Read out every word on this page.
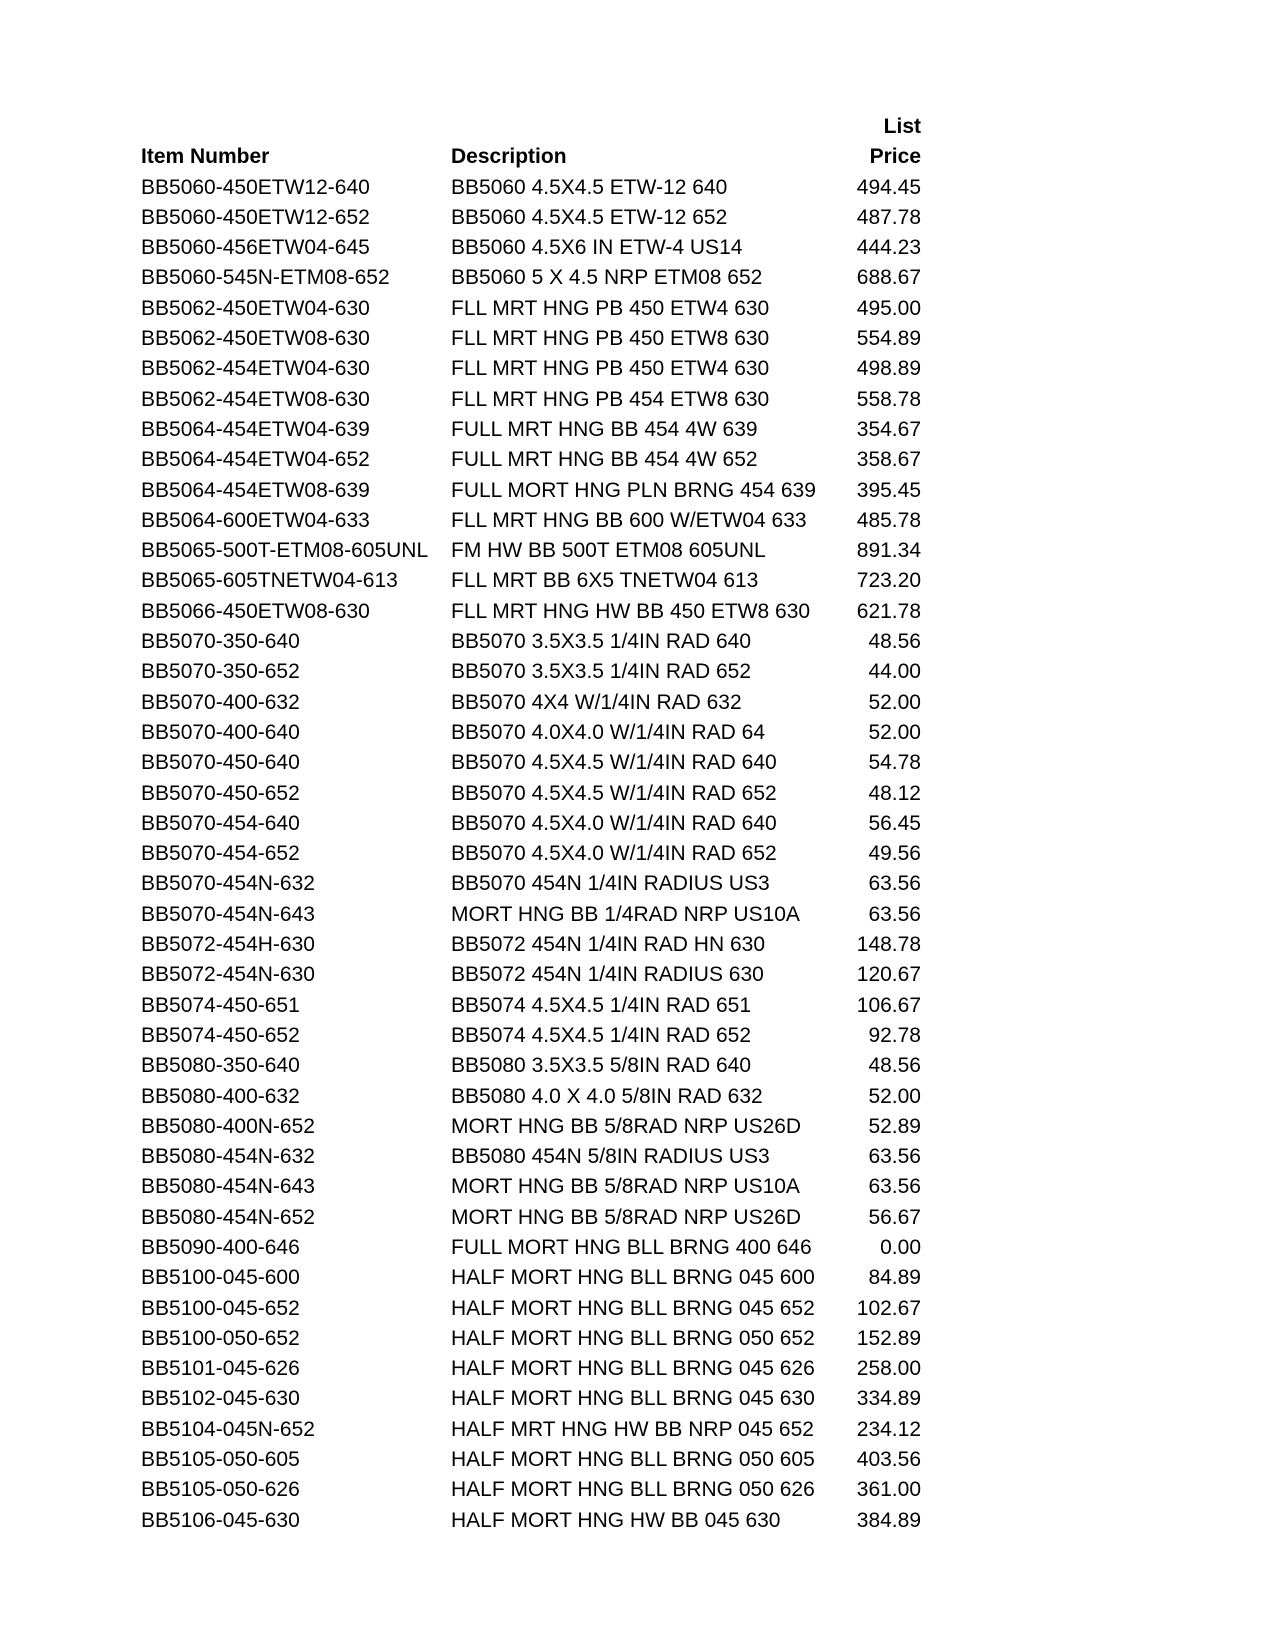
List
Item Number	Description	Price
BB5060-450ETW12-640	BB5060 4.5X4.5 ETW-12 640	494.45
BB5060-450ETW12-652	BB5060 4.5X4.5 ETW-12 652	487.78
BB5060-456ETW04-645	BB5060 4.5X6 IN ETW-4 US14	444.23
BB5060-545N-ETM08-652	BB5060 5 X 4.5 NRP ETM08 652	688.67
BB5062-450ETW04-630	FLL MRT HNG PB 450 ETW4 630	495.00
BB5062-450ETW08-630	FLL MRT HNG PB 450 ETW8 630	554.89
BB5062-454ETW04-630	FLL MRT HNG PB 450 ETW4 630	498.89
BB5062-454ETW08-630	FLL MRT HNG PB 454 ETW8 630	558.78
BB5064-454ETW04-639	FULL MRT HNG BB 454 4W 639	354.67
BB5064-454ETW04-652	FULL MRT HNG BB 454 4W 652	358.67
BB5064-454ETW08-639	FULL MORT HNG PLN BRNG 454 639	395.45
BB5064-600ETW04-633	FLL MRT HNG BB 600 W/ETW04 633	485.78
BB5065-500T-ETM08-605UNL	FM HW BB 500T ETM08 605UNL	891.34
BB5065-605TNETW04-613	FLL MRT BB 6X5 TNETW04 613	723.20
BB5066-450ETW08-630	FLL MRT HNG HW BB 450 ETW8 630	621.78
BB5070-350-640	BB5070 3.5X3.5 1/4IN RAD 640	48.56
BB5070-350-652	BB5070 3.5X3.5 1/4IN RAD 652	44.00
BB5070-400-632	BB5070 4X4 W/1/4IN RAD 632	52.00
BB5070-400-640	BB5070 4.0X4.0 W/1/4IN RAD 64	52.00
BB5070-450-640	BB5070 4.5X4.5 W/1/4IN RAD 640	54.78
BB5070-450-652	BB5070 4.5X4.5 W/1/4IN RAD 652	48.12
BB5070-454-640	BB5070 4.5X4.0 W/1/4IN RAD 640	56.45
BB5070-454-652	BB5070 4.5X4.0 W/1/4IN RAD 652	49.56
BB5070-454N-632	BB5070 454N 1/4IN RADIUS US3	63.56
BB5070-454N-643	MORT HNG BB 1/4RAD NRP US10A	63.56
BB5072-454H-630	BB5072 454N 1/4IN RAD HN 630	148.78
BB5072-454N-630	BB5072 454N 1/4IN RADIUS 630	120.67
BB5074-450-651	BB5074 4.5X4.5 1/4IN RAD 651	106.67
BB5074-450-652	BB5074 4.5X4.5 1/4IN RAD 652	92.78
BB5080-350-640	BB5080 3.5X3.5 5/8IN RAD 640	48.56
BB5080-400-632	BB5080 4.0 X 4.0 5/8IN RAD 632	52.00
BB5080-400N-652	MORT HNG BB 5/8RAD NRP US26D	52.89
BB5080-454N-632	BB5080 454N 5/8IN RADIUS US3	63.56
BB5080-454N-643	MORT HNG BB 5/8RAD NRP US10A	63.56
BB5080-454N-652	MORT HNG BB 5/8RAD NRP US26D	56.67
BB5090-400-646	FULL MORT HNG BLL BRNG 400 646	0.00
BB5100-045-600	HALF MORT HNG BLL BRNG 045 600	84.89
BB5100-045-652	HALF MORT HNG BLL BRNG 045 652	102.67
BB5100-050-652	HALF MORT HNG BLL BRNG 050 652	152.89
BB5101-045-626	HALF MORT HNG BLL BRNG 045 626	258.00
BB5102-045-630	HALF MORT HNG BLL BRNG 045 630	334.89
BB5104-045N-652	HALF MRT HNG HW BB NRP 045 652	234.12
BB5105-050-605	HALF MORT HNG BLL BRNG 050 605	403.56
BB5105-050-626	HALF MORT HNG BLL BRNG 050 626	361.00
BB5106-045-630	HALF MORT HNG HW BB 045 630	384.89
